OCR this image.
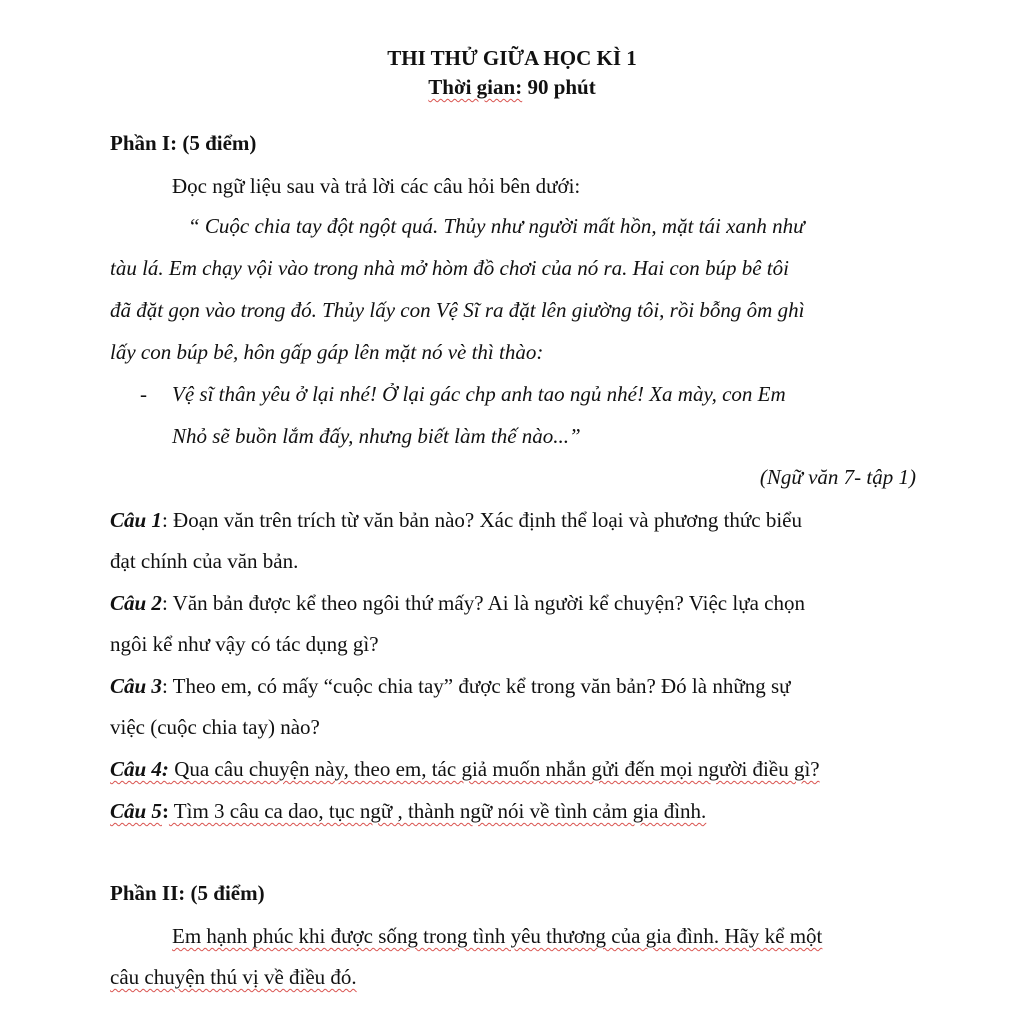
THI THỬ GIỮA HỌC KÌ 1
Thời gian: 90 phút
Phần I: (5 điểm)
Đọc ngữ liệu sau và trả lời các câu hỏi bên dưới:
“ Cuộc chia tay đột ngột quá. Thủy như người mất hồn, mặt tái xanh như
tàu lá. Em chạy vội vào trong nhà mở hòm đồ chơi của nó ra. Hai con búp bê tôi
đã đặt gọn vào trong đó. Thủy lấy con Vệ Sĩ ra đặt lên giường tôi, rồi bỗng ôm ghì
lấy con búp bê, hôn gấp gáp lên mặt nó vè thì thào:
- Vệ sĩ thân yêu ở lại nhé! Ở lại gác chp anh tao ngủ nhé! Xa mày, con Em
Nhỏ sẽ buồn lắm đấy, nhưng biết làm thế nào...”
(Ngữ văn 7- tập 1)
Câu 1: Đoạn văn trên trích từ văn bản nào? Xác định thể loại và phương thức biểu
đạt chính của văn bản.
Câu 2: Văn bản được kể theo ngôi thứ mấy? Ai là người kể chuyện? Việc lựa chọn
ngôi kể như vậy có tác dụng gì?
Câu 3: Theo em, có mấy “cuộc chia tay” được kể trong văn bản? Đó là những sự
việc (cuộc chia tay) nào?
Câu 4: Qua câu chuyện này, theo em, tác giả muốn nhắn gửi đến mọi người điều gì?
Câu 5: Tìm 3 câu ca dao, tục ngữ , thành ngữ nói về tình cảm gia đình.
Phần II: (5 điểm)
Em hạnh phúc khi được sống trong tình yêu thương của gia đình. Hãy kể một
câu chuyện thú vị về điều đó.
